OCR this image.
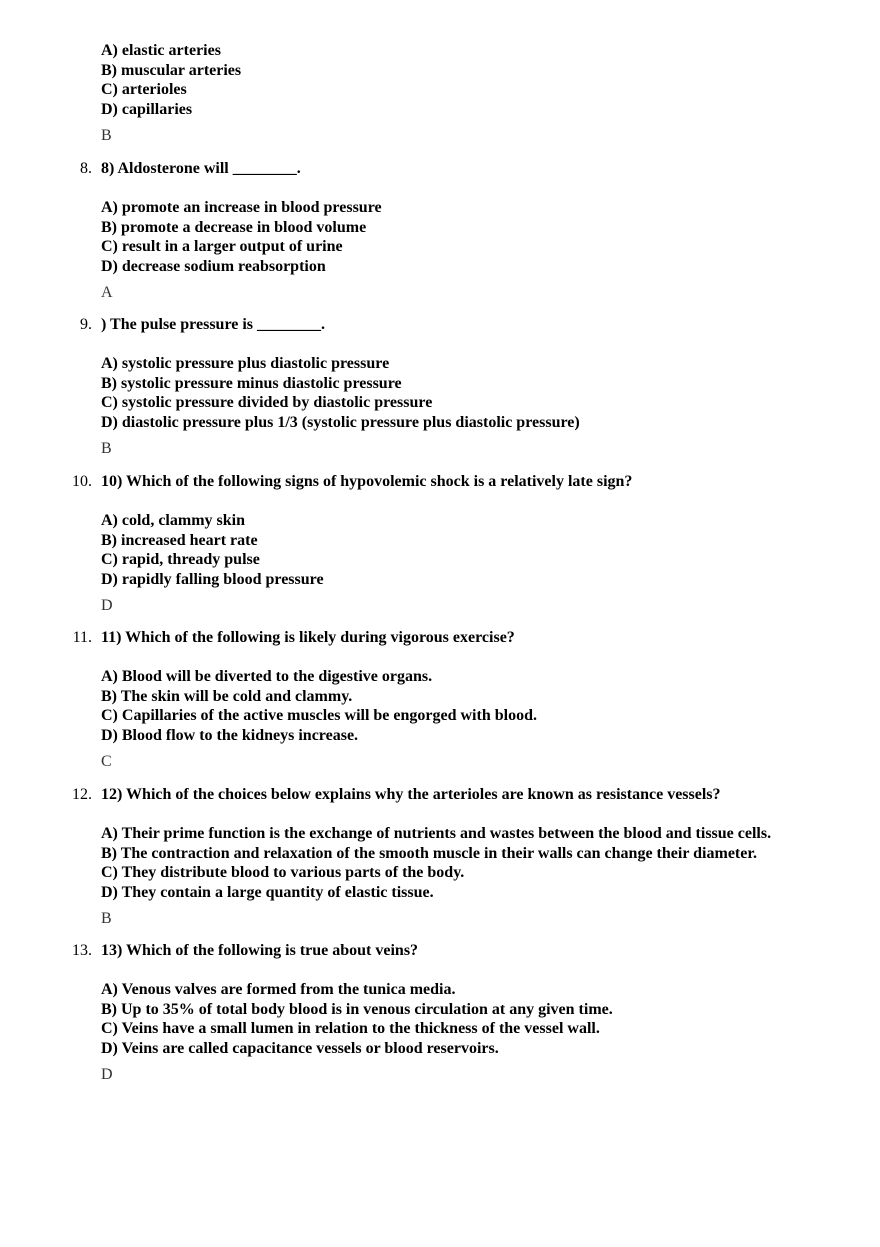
A) elastic arteries
B) muscular arteries
C) arterioles
D) capillaries
B
8. 8) Aldosterone will ________.
A) promote an increase in blood pressure
B) promote a decrease in blood volume
C) result in a larger output of urine
D) decrease sodium reabsorption
A
9. ) The pulse pressure is ________.
A) systolic pressure plus diastolic pressure
B) systolic pressure minus diastolic pressure
C) systolic pressure divided by diastolic pressure
D) diastolic pressure plus 1/3 (systolic pressure plus diastolic pressure)
B
10. 10) Which of the following signs of hypovolemic shock is a relatively late sign?
A) cold, clammy skin
B) increased heart rate
C) rapid, thready pulse
D) rapidly falling blood pressure
D
11. 11) Which of the following is likely during vigorous exercise?
A) Blood will be diverted to the digestive organs.
B) The skin will be cold and clammy.
C) Capillaries of the active muscles will be engorged with blood.
D) Blood flow to the kidneys increase.
C
12. 12) Which of the choices below explains why the arterioles are known as resistance vessels?
A) Their prime function is the exchange of nutrients and wastes between the blood and tissue cells.
B) The contraction and relaxation of the smooth muscle in their walls can change their diameter.
C) They distribute blood to various parts of the body.
D) They contain a large quantity of elastic tissue.
B
13. 13) Which of the following is true about veins?
A) Venous valves are formed from the tunica media.
B) Up to 35% of total body blood is in venous circulation at any given time.
C) Veins have a small lumen in relation to the thickness of the vessel wall.
D) Veins are called capacitance vessels or blood reservoirs.
D
